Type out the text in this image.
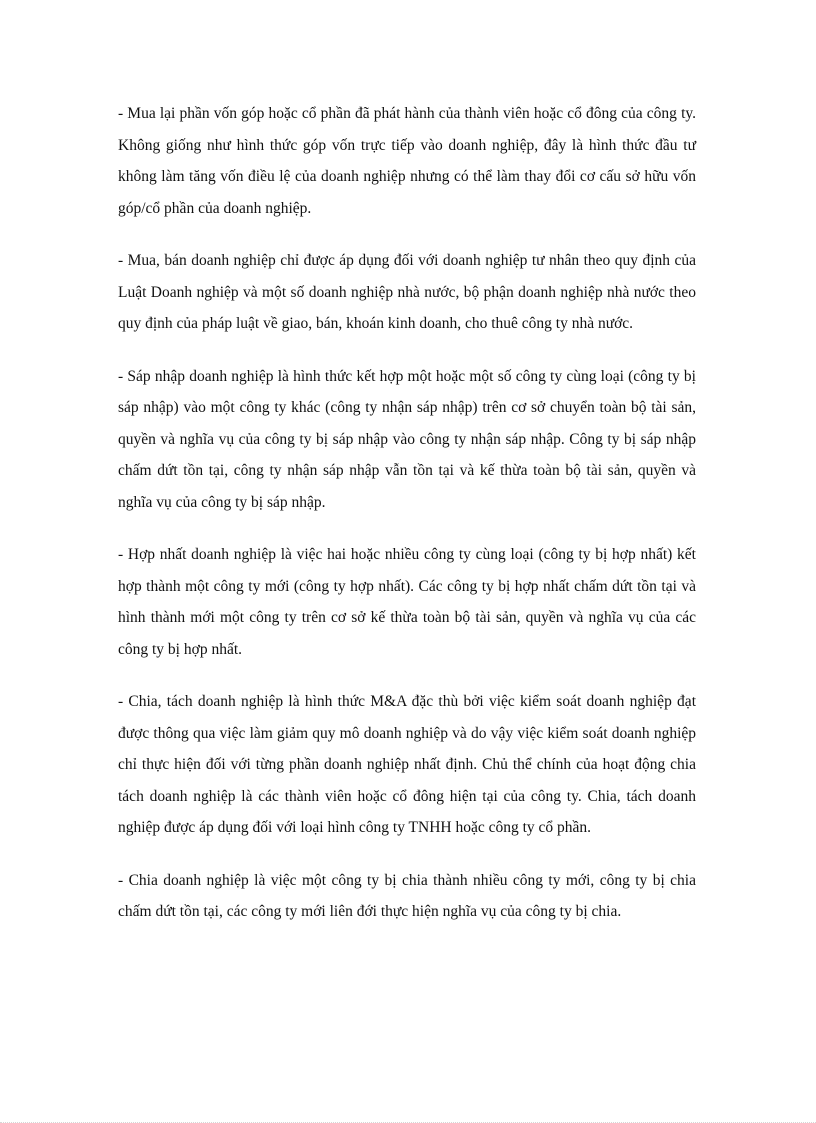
- Mua lại phần vốn góp hoặc cổ phần đã phát hành của thành viên hoặc cổ đông của công ty. Không giống như hình thức góp vốn trực tiếp vào doanh nghiệp, đây là hình thức đầu tư không làm tăng vốn điều lệ của doanh nghiệp nhưng có thể làm thay đổi cơ cấu sở hữu vốn góp/cổ phần của doanh nghiệp.

- Mua, bán doanh nghiệp chỉ được áp dụng đối với doanh nghiệp tư nhân theo quy định của Luật Doanh nghiệp và một số doanh nghiệp nhà nước, bộ phận doanh nghiệp nhà nước theo quy định của pháp luật về giao, bán, khoán kinh doanh, cho thuê công ty nhà nước.

- Sáp nhập doanh nghiệp là hình thức kết hợp một hoặc một số công ty cùng loại (công ty bị sáp nhập) vào một công ty khác (công ty nhận sáp nhập) trên cơ sở chuyển toàn bộ tài sản, quyền và nghĩa vụ của công ty bị sáp nhập vào công ty nhận sáp nhập. Công ty bị sáp nhập chấm dứt tồn tại, công ty nhận sáp nhập vẫn tồn tại và kế thừa toàn bộ tài sản, quyền và nghĩa vụ của công ty bị sáp nhập.

- Hợp nhất doanh nghiệp là việc hai hoặc nhiều công ty cùng loại (công ty bị hợp nhất) kết hợp thành một công ty mới (công ty hợp nhất). Các công ty bị hợp nhất chấm dứt tồn tại và hình thành mới một công ty trên cơ sở kế thừa toàn bộ tài sản, quyền và nghĩa vụ của các công ty bị hợp nhất.

- Chia, tách doanh nghiệp là hình thức M&A đặc thù bởi việc kiểm soát doanh nghiệp đạt được thông qua việc làm giảm quy mô doanh nghiệp và do vậy việc kiểm soát doanh nghiệp chỉ thực hiện đối với từng phần doanh nghiệp nhất định. Chủ thể chính của hoạt động chia tách doanh nghiệp là các thành viên hoặc cổ đông hiện tại của công ty. Chia, tách doanh nghiệp được áp dụng đối với loại hình công ty TNHH hoặc công ty cổ phần.

- Chia doanh nghiệp là việc một công ty bị chia thành nhiều công ty mới, công ty bị chia chấm dứt tồn tại, các công ty mới liên đới thực hiện nghĩa vụ của công ty bị chia.
